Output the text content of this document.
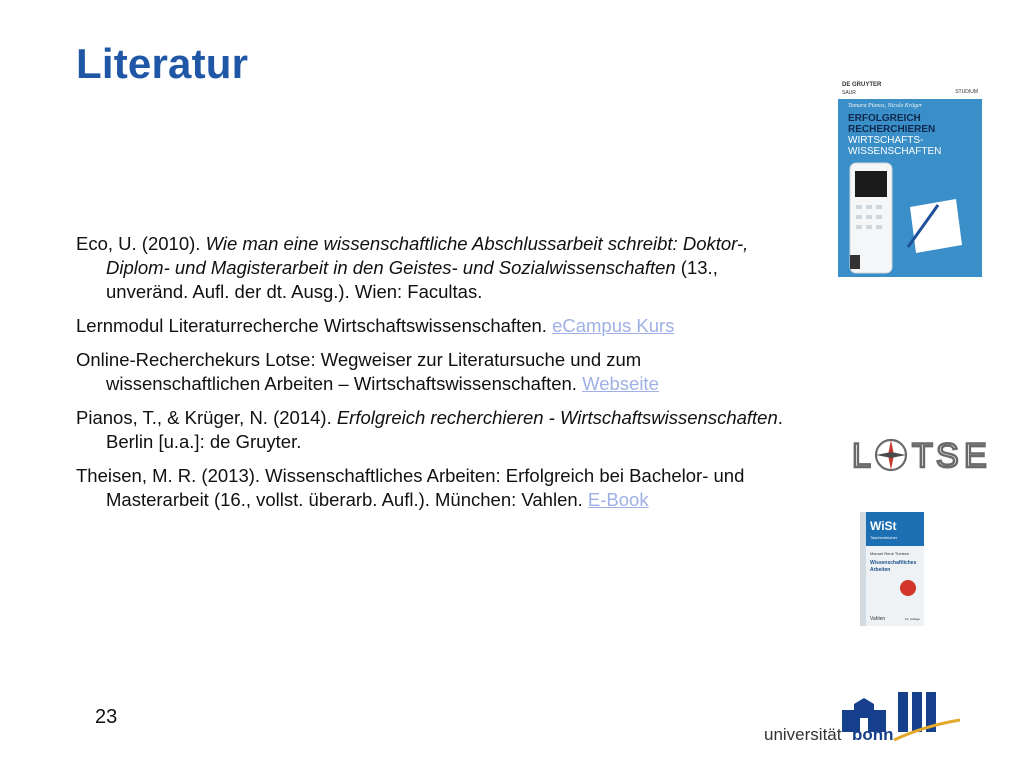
Literatur

Eco, U. (2010). Wie man eine wissenschaftliche Abschlussarbeit schreibt: Doktor-, Diplom- und Magisterarbeit in den Geistes- und Sozialwissenschaften (13., unveränd. Aufl. der dt. Ausg.). Wien: Facultas.

Lernmodul Literaturrecherche Wirtschaftswissenschaften. eCampus Kurs

Online-Recherchekurs Lotse: Wegweiser zur Literatursuche und zum wissenschaftlichen Arbeiten – Wirtschaftswissenschaften. Webseite

Pianos, T., & Krüger, N. (2014). Erfolgreich recherchieren - Wirtschaftswissenschaften. Berlin [u.a.]: de Gruyter.

Theisen, M. R. (2013). Wissenschaftliches Arbeiten: Erfolgreich bei Bachelor- und Masterarbeit (16., vollst. überarb. Aufl.). München: Vahlen. E-Book

DE GRUYTER
SAUR	STUDIUM
Tamara Pianos, Nicole Krüger
ERFOLGREICH
RECHERCHIEREN
WIRTSCHAFTS-
WISSENSCHAFTEN
L T S E
WiSt
Taschenbücher
Manuel René Theisen
Wissenschaftliches
Arbeiten
Vahlen	16. Auflage
23
universität bonn
